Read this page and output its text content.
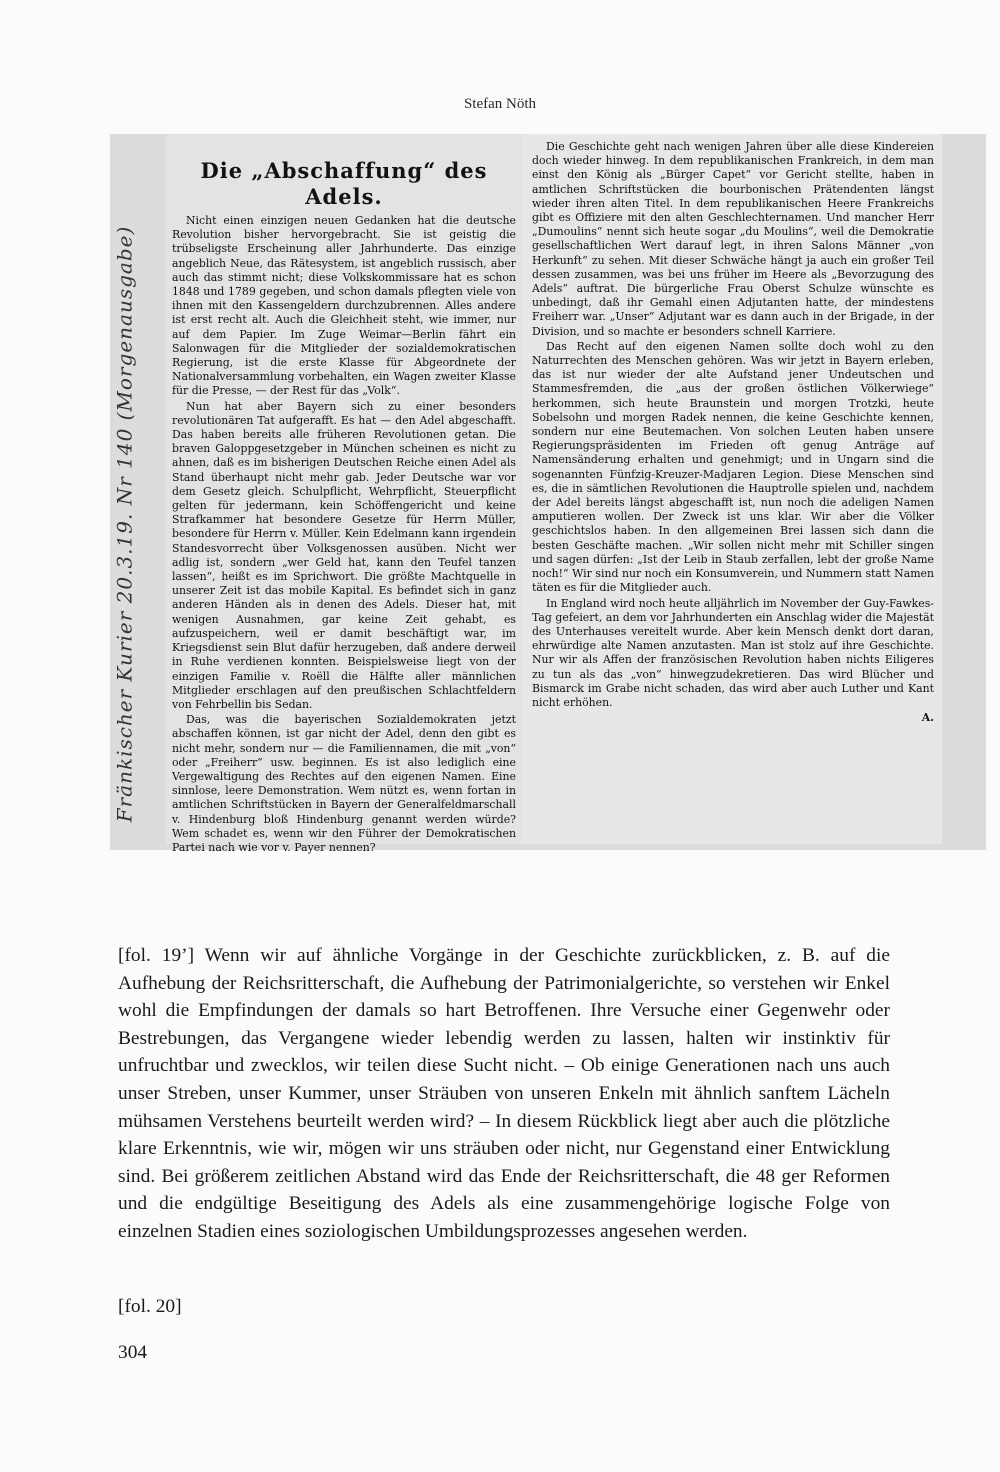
Stefan Nöth
Fränkischer Kurier 20.3.19. Nr 140 (Morgenausgabe)

Die „Abschaffung“ des Adels.

Nicht einen einzigen neuen Gedanken hat die deutsche Revolution bisher hervorgebracht. Sie ist geistig die trübseligste Erscheinung aller Jahrhunderte. Das einzige angeblich Neue, das Rätesystem, ist angeblich russisch, aber auch das stimmt nicht; diese Volkskommissare hat es schon 1848 und 1789 gegeben, und schon damals pflegten viele von ihnen mit den Kassengeldern durchzubrennen. Alles andere ist erst recht alt. Auch die Gleichheit steht, wie immer, nur auf dem Papier. Im Zuge Weimar—Berlin fährt ein Salonwagen für die Mitglieder der sozialdemokratischen Regierung, ist die erste Klasse für Abgeordnete der Nationalversammlung vorbehalten, ein Wagen zweiter Klasse für die Presse, — der Rest für das „Volk“.

Nun hat aber Bayern sich zu einer besonders revolutionären Tat aufgerafft. Es hat — den Adel abgeschafft. Das haben bereits alle früheren Revolutionen getan. Die braven Galoppgesetzgeber in München scheinen es nicht zu ahnen, daß es im bisherigen Deutschen Reiche einen Adel als Stand überhaupt nicht mehr gab. Jeder Deutsche war vor dem Gesetz gleich. Schulpflicht, Wehrpflicht, Steuerpflicht gelten für jedermann, kein Schöffengericht und keine Strafkammer hat besondere Gesetze für Herrn Müller, besondere für Herrn v. Müller. Kein Edelmann kann irgendein Standesvorrecht über Volksgenossen ausüben. Nicht wer adlig ist, sondern „wer Geld hat, kann den Teufel tanzen lassen“, heißt es im Sprichwort. Die größte Machtquelle in unserer Zeit ist das mobile Kapital. Es befindet sich in ganz anderen Händen als in denen des Adels. Dieser hat, mit wenigen Ausnahmen, gar keine Zeit gehabt, es aufzuspeichern, weil er damit beschäftigt war, im Kriegsdienst sein Blut dafür herzugeben, daß andere derweil in Ruhe verdienen konnten. Beispielsweise liegt von der einzigen Familie v. Roëll die Hälfte aller männlichen Mitglieder erschlagen auf den preußischen Schlachtfeldern von Fehrbellin bis Sedan.

Das, was die bayerischen Sozialdemokraten jetzt abschaffen können, ist gar nicht der Adel, denn den gibt es nicht mehr, sondern nur — die Familiennamen, die mit „von“ oder „Freiherr“ usw. beginnen. Es ist also lediglich eine Vergewaltigung des Rechtes auf den eigenen Namen. Eine sinnlose, leere Demonstration. Wem nützt es, wenn fortan in amtlichen Schriftstücken in Bayern der Generalfeldmarschall v. Hindenburg bloß Hindenburg genannt werden würde? Wem schadet es, wenn wir den Führer der Demokratischen Partei nach wie vor v. Payer nennen?

Die Geschichte geht nach wenigen Jahren über alle diese Kindereien doch wieder hinweg. In dem republikanischen Frankreich, in dem man einst den König als „Bürger Capet“ vor Gericht stellte, haben in amtlichen Schriftstücken die bourbonischen Prätendenten längst wieder ihren alten Titel. In dem republikanischen Heere Frankreichs gibt es Offiziere mit den alten Geschlechternamen. Und mancher Herr „Dumoulins“ nennt sich heute sogar „du Moulins“, weil die Demokratie gesellschaftlichen Wert darauf legt, in ihren Salons Männer „von Herkunft“ zu sehen. Mit dieser Schwäche hängt ja auch ein großer Teil dessen zusammen, was bei uns früher im Heere als „Bevorzugung des Adels“ auftrat. Die bürgerliche Frau Oberst Schulze wünschte es unbedingt, daß ihr Gemahl einen Adjutanten hatte, der mindestens Freiherr war. „Unser“ Adjutant war es dann auch in der Brigade, in der Division, und so machte er besonders schnell Karriere.

Das Recht auf den eigenen Namen sollte doch wohl zu den Naturrechten des Menschen gehören. Was wir jetzt in Bayern erleben, das ist nur wieder der alte Aufstand jener Undeutschen und Stammesfremden, die „aus der großen östlichen Völkerwiege“ herkommen, sich heute Braunstein und morgen Trotzki, heute Sobelsohn und morgen Radek nennen, die keine Geschichte kennen, sondern nur eine Beutemachen. Von solchen Leuten haben unsere Regierungspräsidenten im Frieden oft genug Anträge auf Namensänderung erhalten und genehmigt; und in Ungarn sind die sogenannten Fünfzig-Kreuzer-Madjaren Legion. Diese Menschen sind es, die in sämtlichen Revolutionen die Hauptrolle spielen und, nachdem der Adel bereits längst abgeschafft ist, nun noch die adeligen Namen amputieren wollen. Der Zweck ist uns klar. Wir aber die Völker geschichtslos haben. In den allgemeinen Brei lassen sich dann die besten Geschäfte machen. „Wir sollen nicht mehr mit Schiller singen und sagen dürfen: „Ist der Leib in Staub zerfallen, lebt der große Name noch!“ Wir sind nur noch ein Konsumverein, und Nummern statt Namen täten es für die Mitglieder auch.

In England wird noch heute alljährlich im November der Guy-Fawkes-Tag gefeiert, an dem vor Jahrhunderten ein Anschlag wider die Majestät des Unterhauses vereitelt wurde. Aber kein Mensch denkt dort daran, ehrwürdige alte Namen anzutasten. Man ist stolz auf ihre Geschichte. Nur wir als Affen der französischen Revolution haben nichts Eiligeres zu tun als das „von“ hinwegzudekretieren. Das wird Blücher und Bismarck im Grabe nicht schaden, das wird aber auch Luther und Kant nicht erhöhen.

A.

[fol. 19’] Wenn wir auf ähnliche Vorgänge in der Geschichte zurückblicken, z. B. auf die Aufhebung der Reichsritterschaft, die Aufhebung der Patrimonialgerichte, so verstehen wir Enkel wohl die Empfindungen der damals so hart Betroffenen. Ihre Versuche einer Gegenwehr oder Bestrebungen, das Vergangene wieder lebendig werden zu lassen, halten wir instinktiv für unfruchtbar und zwecklos, wir teilen diese Sucht nicht. – Ob einige Generationen nach uns auch unser Streben, unser Kummer, unser Sträuben von unseren Enkeln mit ähnlich sanftem Lächeln mühsamen Verstehens beurteilt werden wird? – In diesem Rückblick liegt aber auch die plötzliche klare Erkenntnis, wie wir, mögen wir uns sträuben oder nicht, nur Gegenstand einer Entwicklung sind. Bei größerem zeitlichen Abstand wird das Ende der Reichsritterschaft, die 48 ger Reformen und die endgültige Beseitigung des Adels als eine zusammengehörige logische Folge von einzelnen Stadien eines soziologischen Umbildungsprozesses angesehen werden.

[fol. 20]
304
